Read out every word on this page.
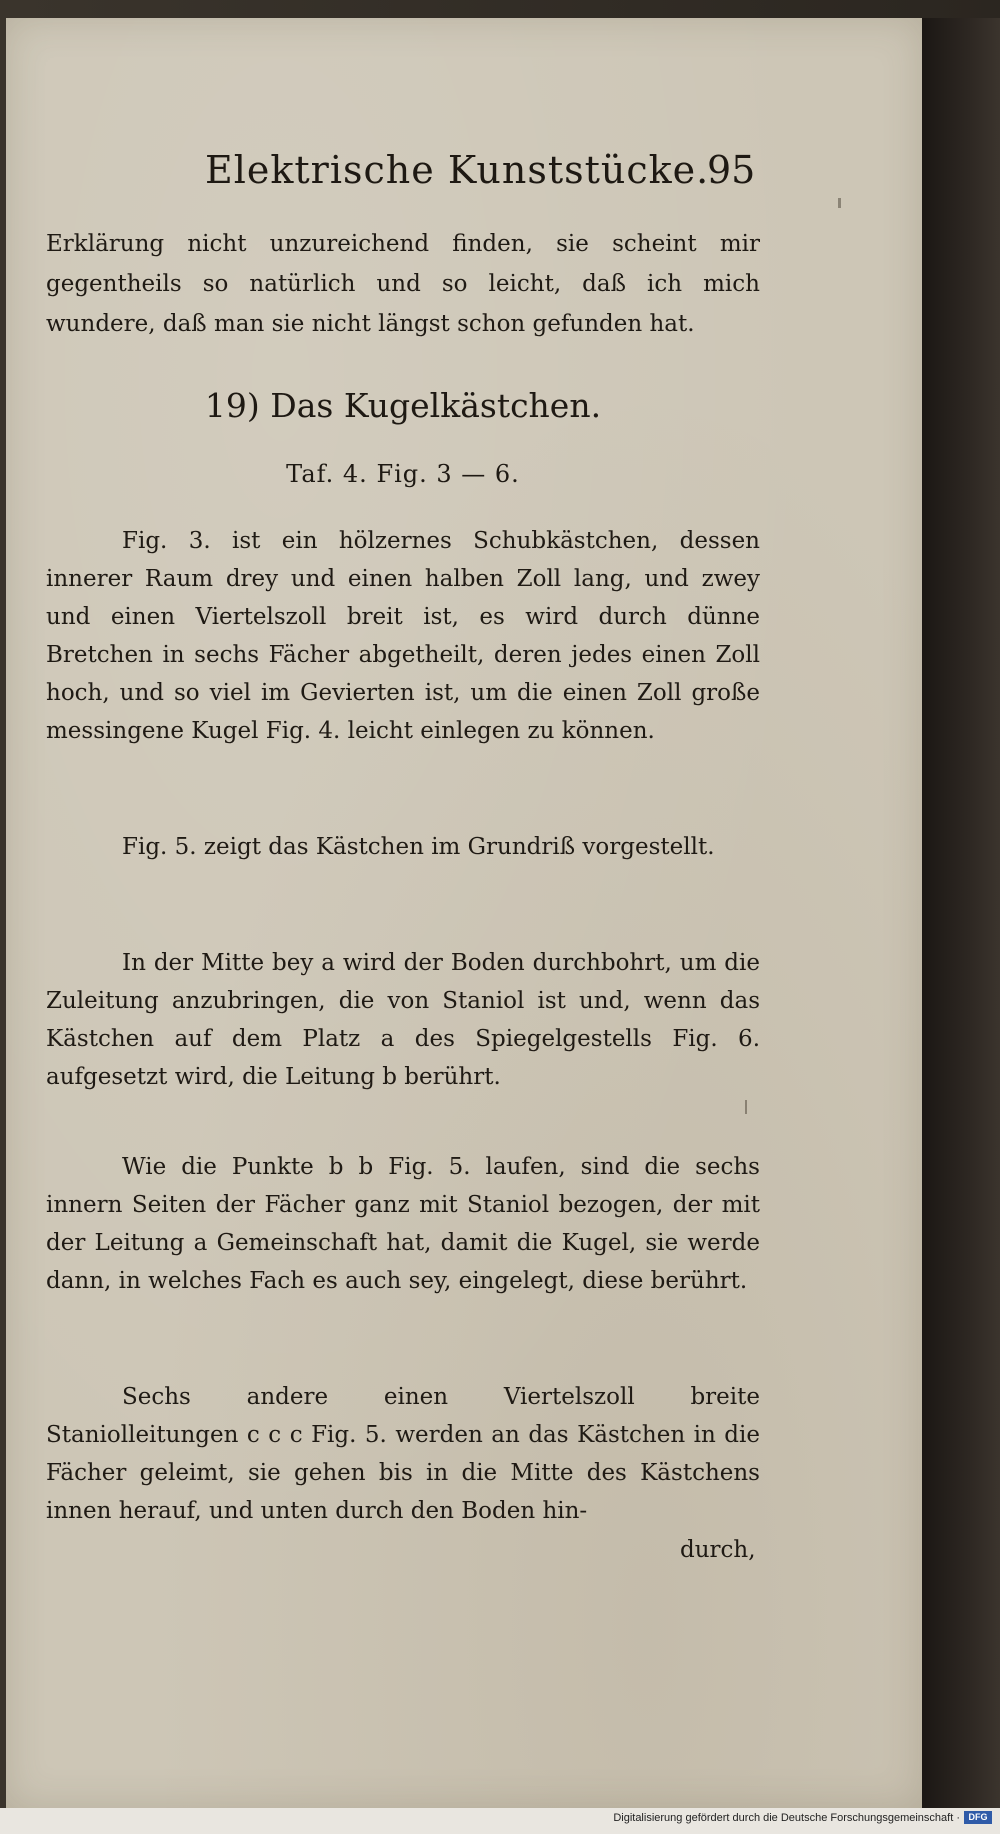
Elektrische Kunststücke.
95
Erklärung nicht unzureichend finden, sie scheint mir gegentheils so natürlich und so leicht, daß ich mich wundere, daß man sie nicht längst schon gefunden hat.
19) Das Kugelkästchen.
Taf. 4. Fig. 3 — 6.
Fig. 3. ist ein hölzernes Schubkästchen, dessen innerer Raum drey und einen halben Zoll lang, und zwey und einen Viertelszoll breit ist, es wird durch dünne Bretchen in sechs Fächer abgetheilt, deren jedes einen Zoll hoch, und so viel im Gevierten ist, um die einen Zoll große messingene Kugel Fig. 4. leicht einlegen zu können.
Fig. 5. zeigt das Kästchen im Grundriß vorgestellt.
In der Mitte bey a wird der Boden durchbohrt, um die Zuleitung anzubringen, die von Staniol ist und, wenn das Kästchen auf dem Platz a des Spiegelgestells Fig. 6. aufgesetzt wird, die Leitung b berührt.
Wie die Punkte b b Fig. 5. laufen, sind die sechs innern Seiten der Fächer ganz mit Staniol bezogen, der mit der Leitung a Gemeinschaft hat, damit die Kugel, sie werde dann, in welches Fach es auch sey, eingelegt, diese berührt.
Sechs andere einen Viertelszoll breite Staniolleitungen c c c Fig. 5. werden an das Kästchen in die Fächer geleimt, sie gehen bis in die Mitte des Kästchens innen herauf, und unten durch den Boden hin-
durch,
Digitalisierung gefördert durch die Deutsche Forschungsgemeinschaft · DFG
